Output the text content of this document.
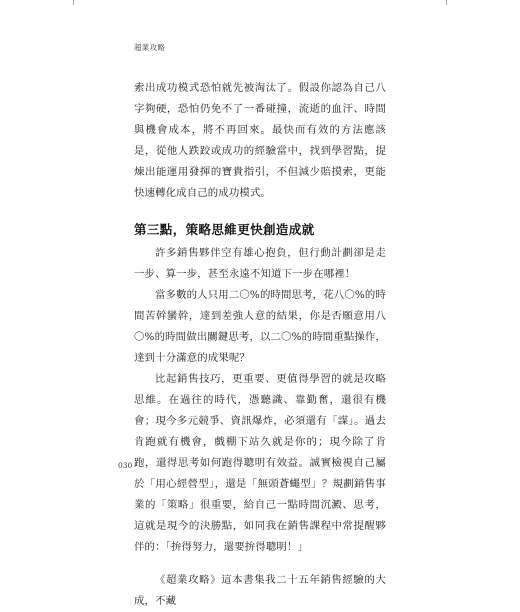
超業攻略

索出成功模式恐怕就先被淘汰了。假設你認為自己八字夠硬，恐怕仍免不了一番碰撞，流逝的血汗、時間與機會成本，將不再回來。最快而有效的方法應該是，從他人跌跤或成功的經驗當中，找到學習點，提煉出能運用發揮的寶貴指引，不但減少賠摸索，更能快速轉化成自己的成功模式。

第三點，策略思維更快創造成就

許多銷售夥伴空有雄心抱負，但行動計劃卻是走一步、算一步，甚至永遠不知道下一步在哪裡！

當多數的人只用二〇%的時間思考，花八〇%的時間苦幹蠻幹，達到差強人意的結果，你是否願意用八〇%的時間做出關鍵思考，以二〇%的時間重點操作，達到十分滿意的成果呢？

比起銷售技巧，更重要、更值得學習的就是攻略思維。在過往的時代，憑聽識、靠勤奮，還很有機會；現今多元競爭、資訊爆炸，必須還有「謀」。過去肯跑就有機會，戲棚下站久就是你的；現今除了肯跑，還得思考如何跑得聰明有效益。誠實檢視自己屬於「用心經營型」，還是「無頭蒼蠅型」？規劃銷售事業的「策略」很重要，給自己一點時間沉澱、思考，這就是現今的決勝點，如同我在銷售課程中常提醒夥伴的：「拚得努力，還要拚得聰明！」

《超業攻略》這本書集我二十五年銷售經驗的大成，不藏

030
